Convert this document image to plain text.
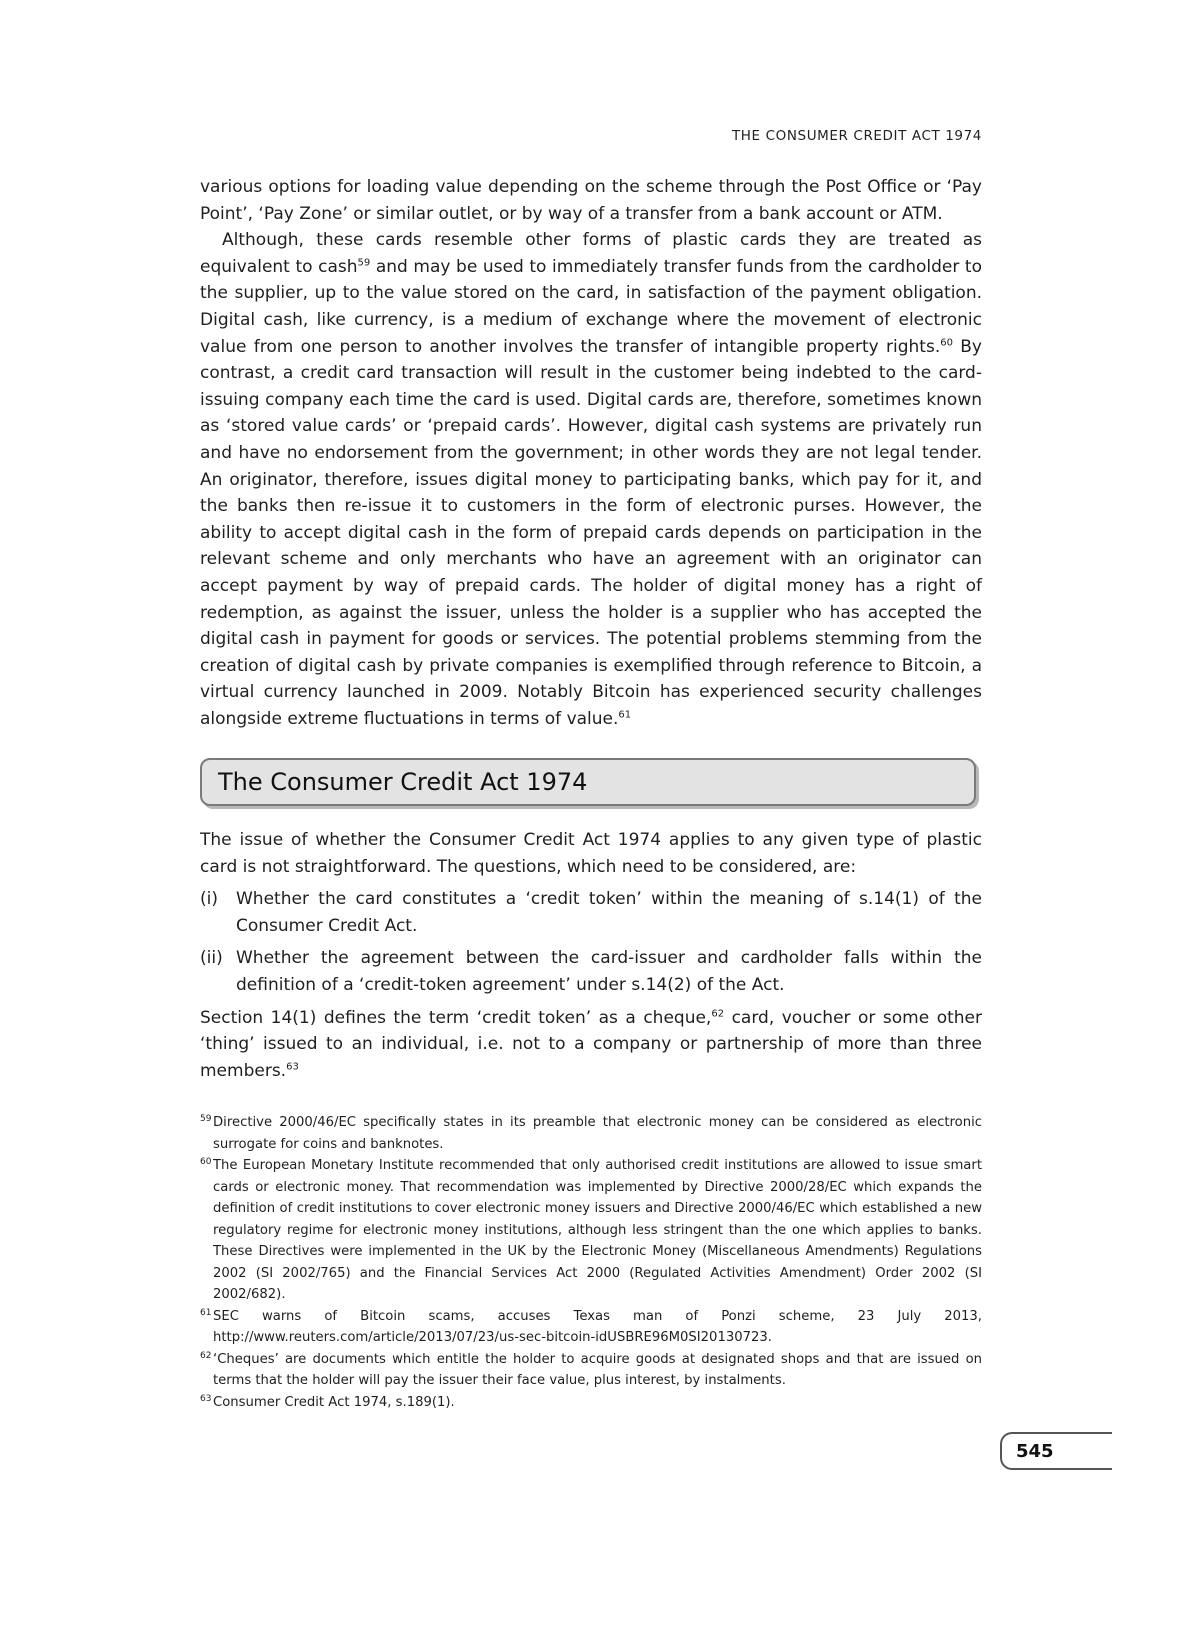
THE CONSUMER CREDIT ACT 1974

various options for loading value depending on the scheme through the Post Office or ‘Pay Point’, ‘Pay Zone’ or similar outlet, or by way of a transfer from a bank account or ATM.

Although, these cards resemble other forms of plastic cards they are treated as equivalent to cash$^{59}$ and may be used to immediately transfer funds from the cardholder to the supplier, up to the value stored on the card, in satisfaction of the payment obligation. Digital cash, like currency, is a medium of exchange where the movement of electronic value from one person to another involves the transfer of intangible property rights.$^{60}$ By contrast, a credit card transaction will result in the customer being indebted to the card-issuing company each time the card is used. Digital cards are, therefore, sometimes known as ‘stored value cards’ or ‘prepaid cards’. However, digital cash systems are privately run and have no endorsement from the government; in other words they are not legal tender. An originator, therefore, issues digital money to participating banks, which pay for it, and the banks then re-issue it to customers in the form of electronic purses. However, the ability to accept digital cash in the form of prepaid cards depends on participation in the relevant scheme and only merchants who have an agreement with an originator can accept payment by way of prepaid cards. The holder of digital money has a right of redemption, as against the issuer, unless the holder is a supplier who has accepted the digital cash in payment for goods or services. The potential problems stemming from the creation of digital cash by private companies is exemplified through reference to Bitcoin, a virtual currency launched in 2009. Notably Bitcoin has experienced security challenges alongside extreme fluctuations in terms of value.$^{61}$

The Consumer Credit Act 1974

The issue of whether the Consumer Credit Act 1974 applies to any given type of plastic card is not straightforward. The questions, which need to be considered, are:

(i)	Whether the card constitutes a ‘credit token’ within the meaning of s.14(1) of the Consumer Credit Act.
(ii) Whether the agreement between the card-issuer and cardholder falls within the definition of a ‘credit-token agreement’ under s.14(2) of the Act.

Section 14(1) defines the term ‘credit token’ as a cheque,$^{62}$ card, voucher or some other ‘thing’ issued to an individual, i.e. not to a company or partnership of more than three members.$^{63}$

59 Directive 2000/46/EC specifically states in its preamble that electronic money can be considered as electronic surrogate for coins and banknotes.
60 The European Monetary Institute recommended that only authorised credit institutions are allowed to issue smart cards or electronic money. That recommendation was implemented by Directive 2000/28/EC which expands the definition of credit institutions to cover electronic money issuers and Directive 2000/46/EC which established a new regulatory regime for electronic money institutions, although less stringent than the one which applies to banks. These Directives were implemented in the UK by the Electronic Money (Miscellaneous Amendments) Regulations 2002 (SI 2002/765) and the Financial Services Act 2000 (Regulated Activities Amendment) Order 2002 (SI 2002/682).
61 SEC warns of Bitcoin scams, accuses Texas man of Ponzi scheme, 23 July 2013, http://www.reuters.com/article/2013/07/23/us-sec-bitcoin-idUSBRE96M0SI20130723.
62 ‘Cheques’ are documents which entitle the holder to acquire goods at designated shops and that are issued on terms that the holder will pay the issuer their face value, plus interest, by instalments.
63 Consumer Credit Act 1974, s.189(1).
545
